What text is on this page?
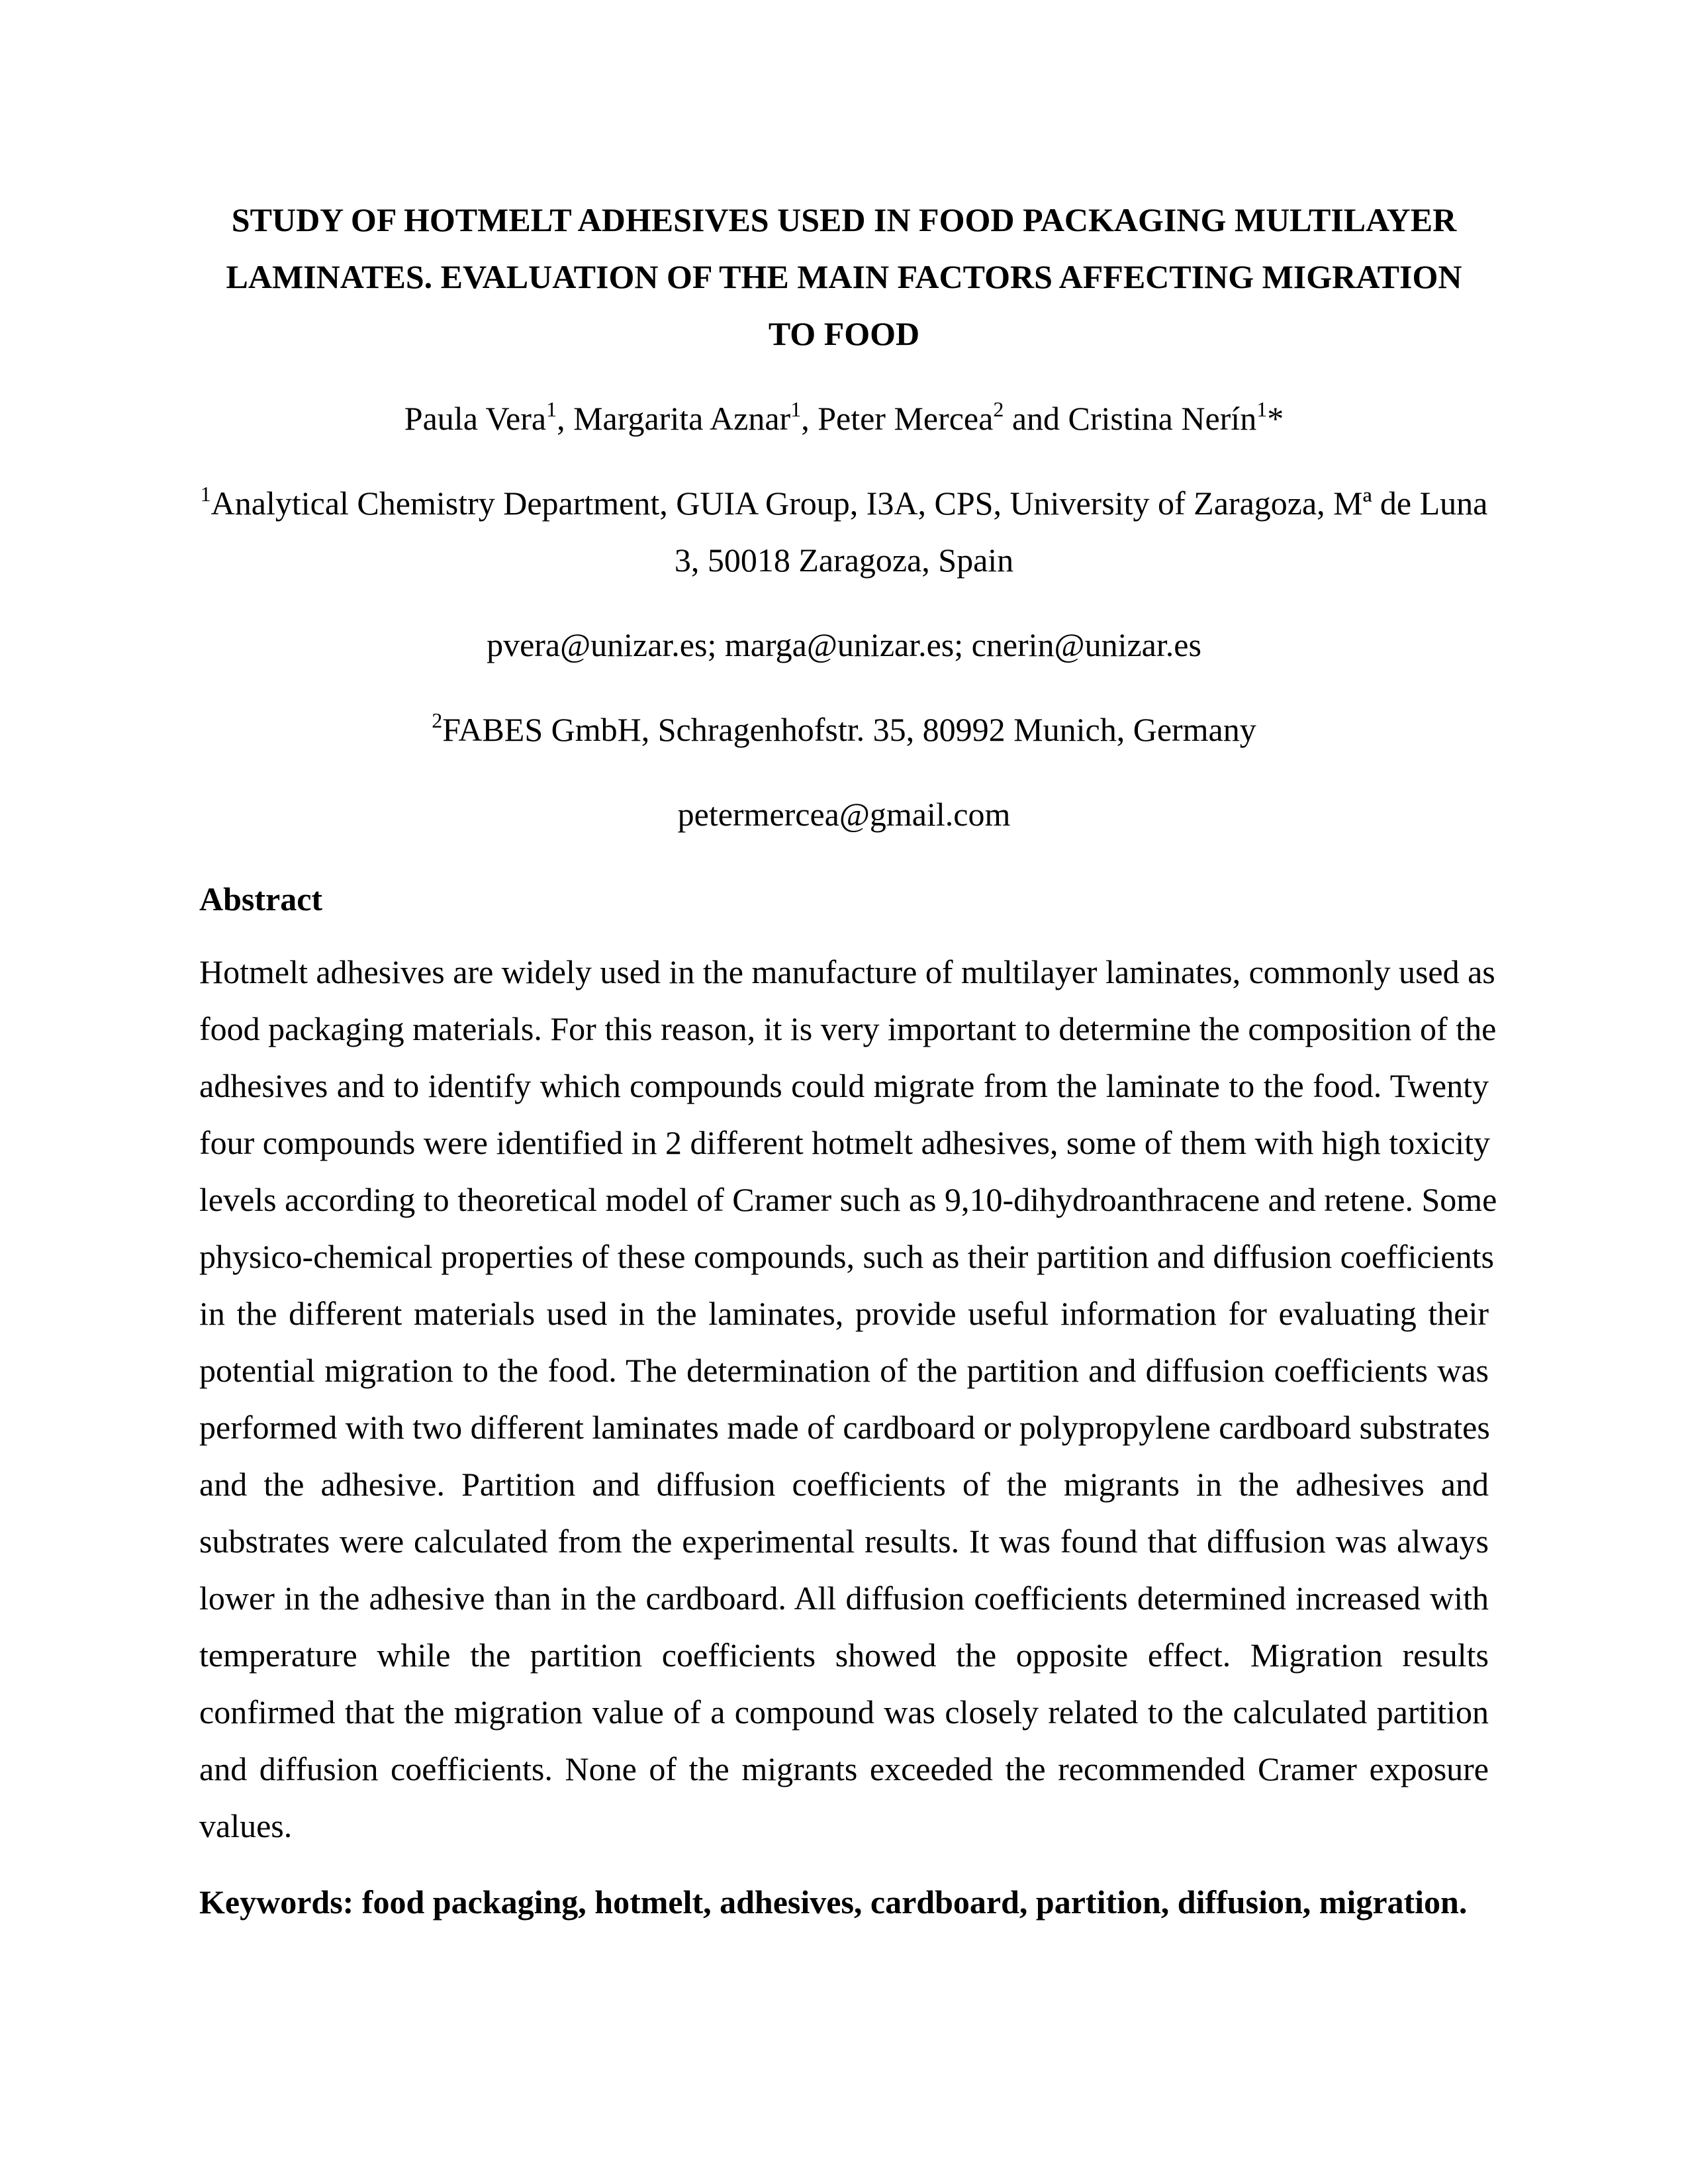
STUDY OF HOTMELT ADHESIVES USED IN FOOD PACKAGING MULTILAYER
LAMINATES. EVALUATION OF THE MAIN FACTORS AFFECTING MIGRATION
TO FOOD
Paula Vera$^1$, Margarita Aznar$^1$, Peter Mercea$^2$ and Cristina Nerín$^1$*
$^1$Analytical Chemistry Department, GUIA Group, I3A, CPS, University of Zaragoza, Mª de Luna
3, 50018 Zaragoza, Spain
pvera@unizar.es; marga@unizar.es; cnerin@unizar.es
$^2$FABES GmbH, Schragenhofstr. 35, 80992 Munich, Germany
petermercea@gmail.com
Abstract
Hotmelt adhesives are widely used in the manufacture of multilayer laminates, commonly used as
food packaging materials. For this reason, it is very important to determine the composition of the
adhesives and to identify which compounds could migrate from the laminate to the food. Twenty
four compounds were identified in 2 different hotmelt adhesives, some of them with high toxicity
levels according to theoretical model of Cramer such as 9,10-dihydroanthracene and retene. Some
physico-chemical properties of these compounds, such as their partition and diffusion coefficients
in the different materials used in the laminates, provide useful information for evaluating their
potential migration to the food. The determination of the partition and diffusion coefficients was
performed with two different laminates made of cardboard or polypropylene cardboard substrates
and the adhesive. Partition and diffusion coefficients of the migrants in the adhesives and
substrates were calculated from the experimental results. It was found that diffusion was always
lower in the adhesive than in the cardboard. All diffusion coefficients determined increased with
temperature while the partition coefficients showed the opposite effect. Migration results
confirmed that the migration value of a compound was closely related to the calculated partition
and diffusion coefficients. None of the migrants exceeded the recommended Cramer exposure
values.
Keywords: food packaging, hotmelt, adhesives, cardboard, partition, diffusion, migration.
